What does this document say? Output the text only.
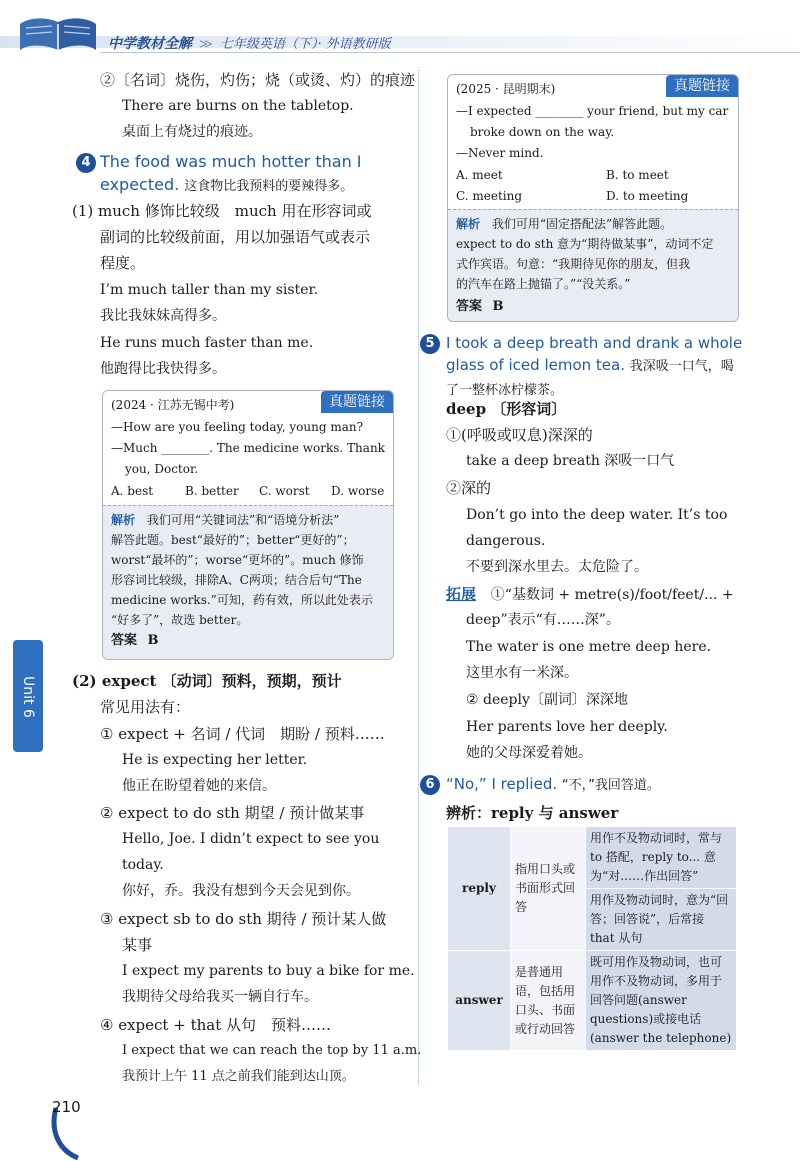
中学教材全解 ≫ 七年级英语（下）· 外语教研版
Unit 6
②〔名词〕烧伤，灼伤；烧（或烫、灼）的痕迹
There are burns on the tabletop.
桌面上有烧过的痕迹。
4 The food was much hotter than I
expected. 这食物比我预料的要辣得多。
(1) much 修饰比较级　much 用在形容词或
副词的比较级前面，用以加强语气或表示
程度。
I’m much taller than my sister.
我比我妹妹高得多。
He runs much faster than me.
他跑得比我快得多。
真题链接
(2024 · 江苏无锡中考)
—How are you feeling today, young man?
—Much ________. The medicine works. Thank
you, Doctor.
A. best	B. better C. worst D. worse
解析 我们可用“关键词法”和“语境分析法”
解答此题。best“最好的”；better“更好的”；
worst“最坏的”；worse“更坏的”。much 修饰
形容词比较级，排除A、C两项；结合后句“The
medicine works.”可知，药有效，所以此处表示
“好多了”，故选 better。
答案 B
(2) expect 〔动词〕预料，预期，预计
常见用法有：
① expect + 名词 / 代词　期盼 / 预料……
He is expecting her letter.
他正在盼望着她的来信。
② expect to do sth 期望 / 预计做某事
Hello, Joe. I didn’t expect to see you
today.
你好，乔。我没有想到今天会见到你。
③ expect sb to do sth 期待 / 预计某人做
某事
I expect my parents to buy a bike for me.
我期待父母给我买一辆自行车。
④ expect + that 从句　预料……
I expect that we can reach the top by 11 a.m.
我预计上午 11 点之前我们能到达山顶。
真题链接
(2025 · 昆明期末)
—I expected ________ your friend, but my car
broke down on the way.
—Never mind.
A. meet	B. to meet
C. meeting	D. to meeting
解析 我们可用“固定搭配法”解答此题。
expect to do sth 意为“期待做某事”，动词不定
式作宾语。句意：“我期待见你的朋友，但我
的汽车在路上抛锚了。”“没关系。”
答案 B
5 I took a deep breath and drank a whole
glass of iced lemon tea. 我深吸一口气，喝
了一整杯冰柠檬茶。
deep 〔形容词〕
①(呼吸或叹息)深深的
take a deep breath 深吸一口气
②深的
Don’t go into the deep water. It’s too
dangerous.
不要到深水里去。太危险了。
拓展 ①“基数词 + metre(s)/foot/feet/... +
deep”表示“有……深”。
The water is one metre deep here.
这里水有一米深。
② deeply〔副词〕深深地
Her parents love her deeply.
她的父母深爱着她。
6 “No,” I replied. “不，”我回答道。
辨析：reply 与 answer
reply	指用口头或书面形式回答	用作不及物动词时，常与 to 搭配，reply to... 意为“对……作出回答”
		用作及物动词时，意为“回答；回答说”，后常接 that 从句
answer	是普通用语，包括用口头、书面或行动回答	既可用作及物动词，也可用作不及物动词，多用于回答问题(answer questions)或接电话(answer the telephone)
210
